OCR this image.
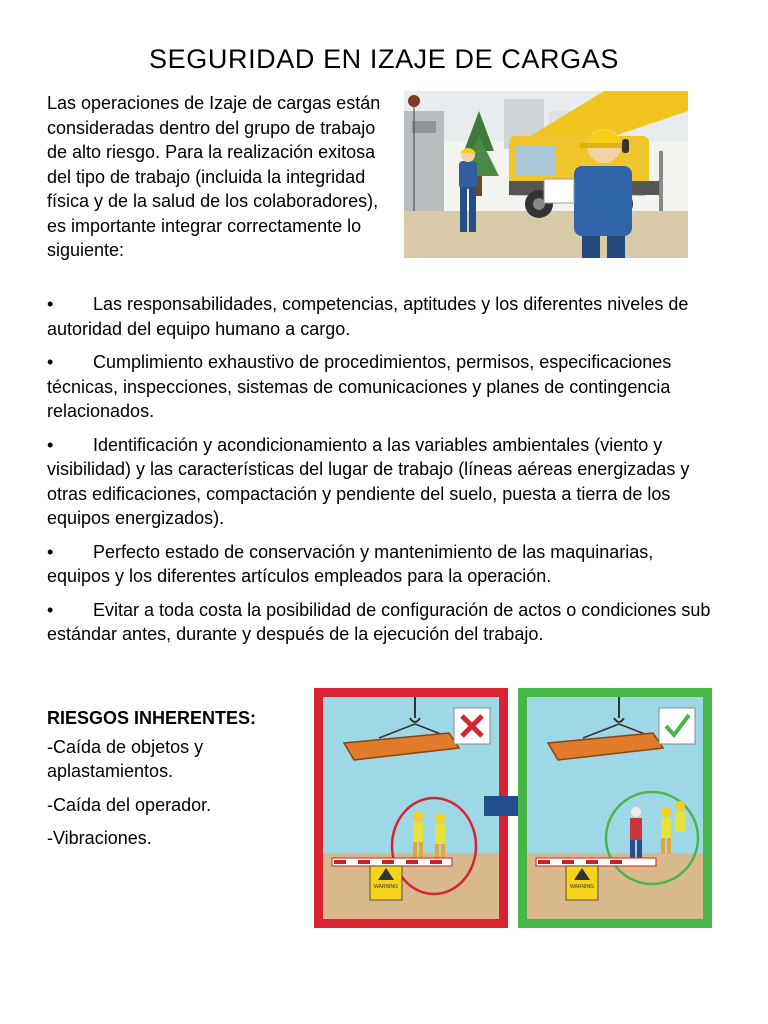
SEGURIDAD EN IZAJE DE CARGAS
Las operaciones de Izaje de cargas están consideradas dentro del grupo de trabajo de alto riesgo. Para la realización exitosa del tipo de trabajo (incluida la integridad física y de la salud de los colaboradores), es importante integrar correctamente lo siguiente:
• Las responsabilidades, competencias, aptitudes y los diferentes niveles de autoridad del equipo humano a cargo.
• Cumplimiento exhaustivo de procedimientos, permisos, especificaciones técnicas, inspecciones, sistemas de comunicaciones y planes de contingencia relacionados.
• Identificación y acondicionamiento a las variables ambientales (viento y visibilidad) y las características del lugar de trabajo (líneas aéreas energizadas y otras edificaciones, compactación y pendiente del suelo, puesta a tierra de los equipos energizados).
• Perfecto estado de conservación y mantenimiento de las maquinarias, equipos y los diferentes artículos empleados para la operación.
• Evitar a toda costa la posibilidad de configuración de actos o condiciones sub estándar antes, durante y después de la ejecución del trabajo.
RIESGOS INHERENTES:
-Caída de objetos y aplastamientos.
-Caída del operador.
-Vibraciones.
WARNING	WARNING
